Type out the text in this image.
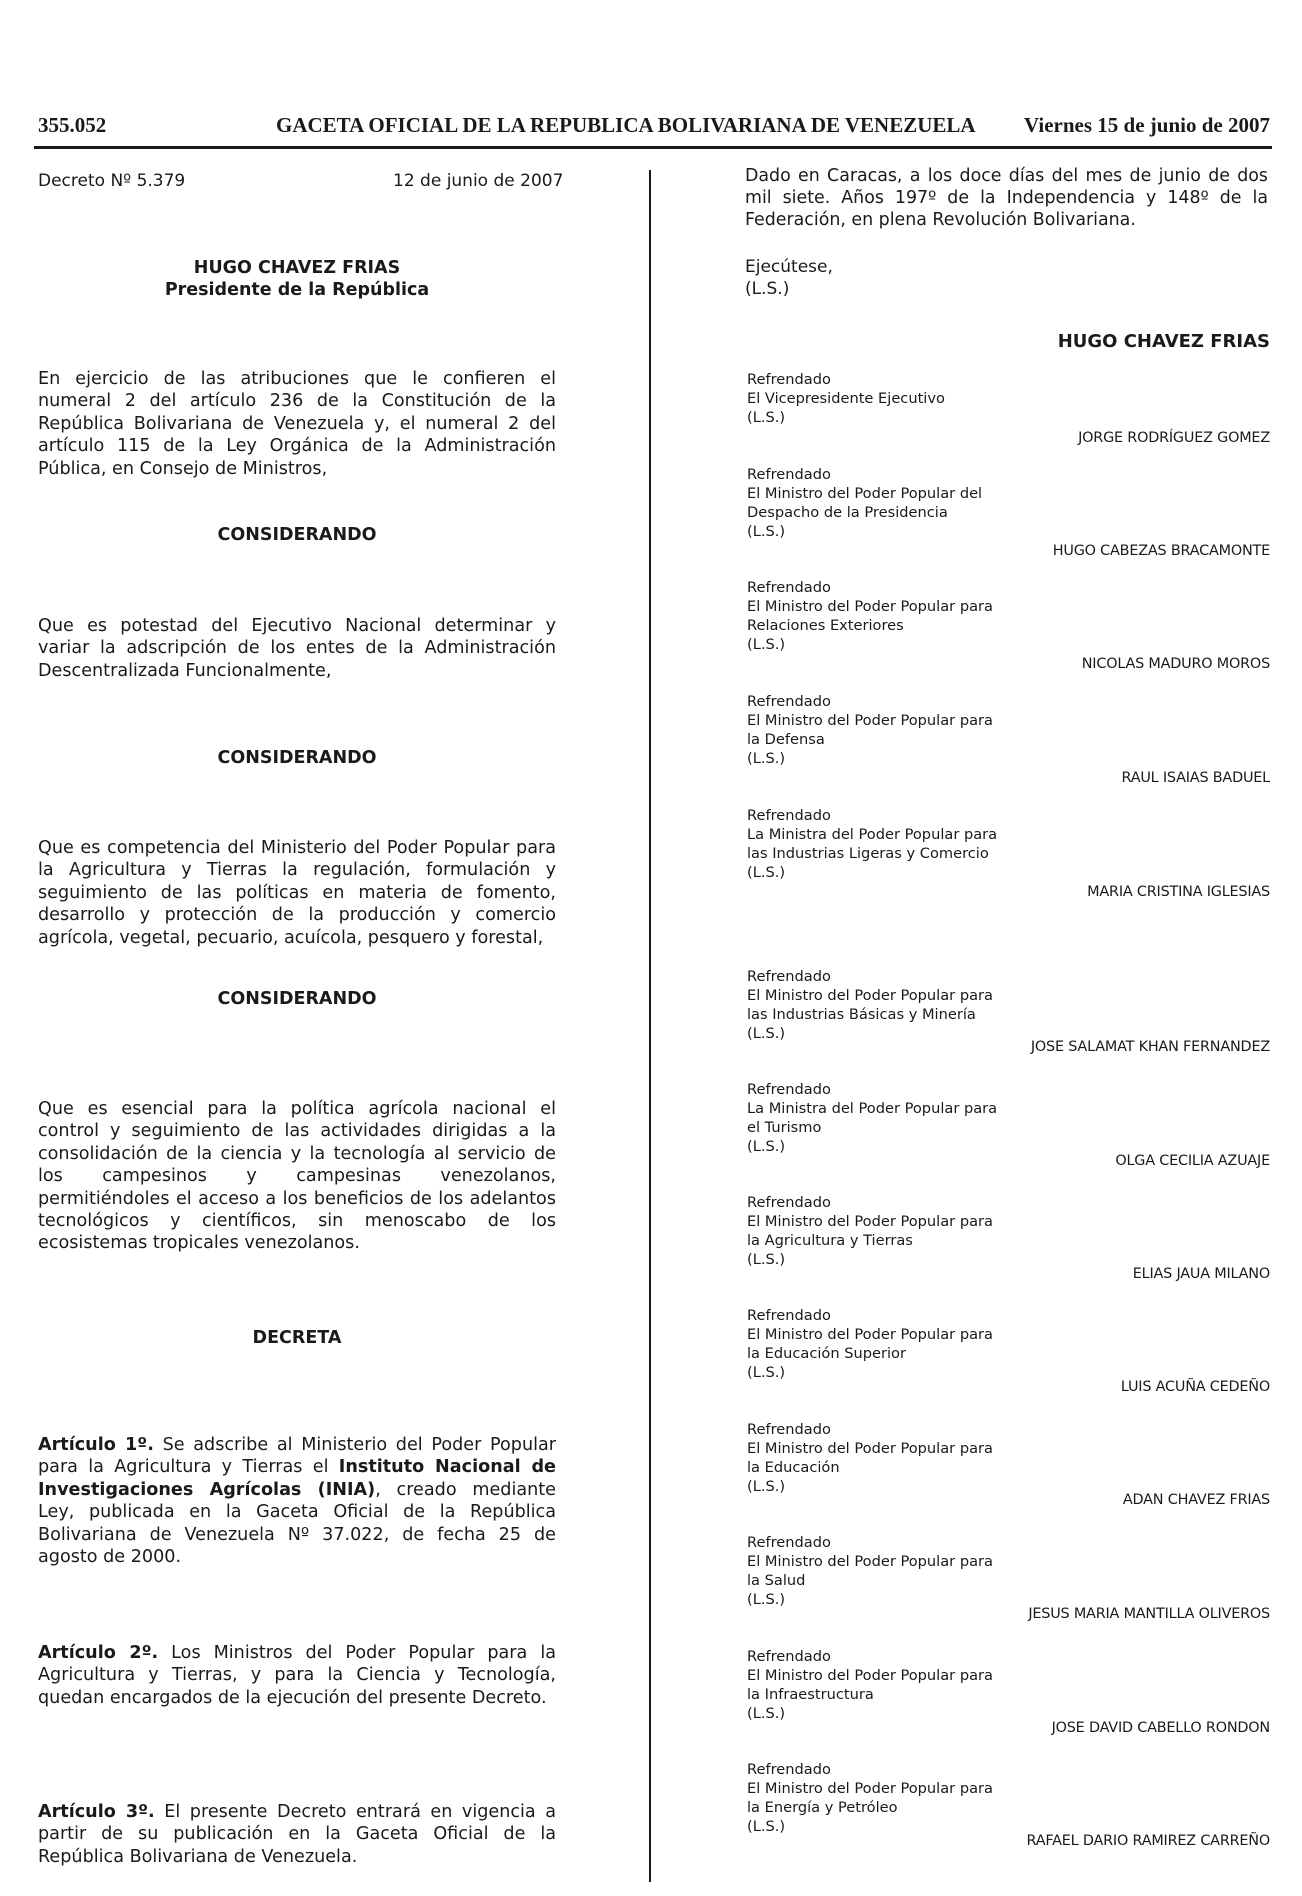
355.052	GACETA OFICIAL DE LA REPUBLICA BOLIVARIANA DE VENEZUELA Viernes 15 de junio de 2007
Decreto Nº 5.379	12 de junio de 2007
HUGO CHAVEZ FRIAS
Presidente de la República
En ejercicio de las atribuciones que le confieren el numeral 2 del artículo 236 de la Constitución de la República Bolivariana de Venezuela y, el numeral 2 del artículo 115 de la Ley Orgánica de la Administración Pública, en Consejo de Ministros,
CONSIDERANDO
Que es potestad del Ejecutivo Nacional determinar y variar la adscripción de los entes de la Administración Descentralizada Funcionalmente,
CONSIDERANDO
Que es competencia del Ministerio del Poder Popular para la Agricultura y Tierras la regulación, formulación y seguimiento de las políticas en materia de fomento, desarrollo y protección de la producción y comercio agrícola, vegetal, pecuario, acuícola, pesquero y forestal,
CONSIDERANDO
Que es esencial para la política agrícola nacional el control y seguimiento de las actividades dirigidas a la consolidación de la ciencia y la tecnología al servicio de los campesinos y campesinas venezolanos, permitiéndoles el acceso a los beneficios de los adelantos tecnológicos y científicos, sin menoscabo de los ecosistemas tropicales venezolanos.
DECRETA
Artículo 1º. Se adscribe al Ministerio del Poder Popular para la Agricultura y Tierras el Instituto Nacional de Investigaciones Agrícolas (INIA), creado mediante Ley, publicada en la Gaceta Oficial de la República Bolivariana de Venezuela Nº 37.022, de fecha 25 de agosto de 2000.
Artículo 2º. Los Ministros del Poder Popular para la Agricultura y Tierras, y para la Ciencia y Tecnología, quedan encargados de la ejecución del presente Decreto.
Artículo 3º. El presente Decreto entrará en vigencia a partir de su publicación en la Gaceta Oficial de la República Bolivariana de Venezuela.
Dado en Caracas, a los doce días del mes de junio de dos mil siete. Años 197º de la Independencia y 148º de la Federación, en plena Revolución Bolivariana.
Ejecútese,
(L.S.)
HUGO CHAVEZ FRIAS
Refrendado
El Vicepresidente Ejecutivo
(L.S.)
JORGE RODRÍGUEZ GOMEZ
Refrendado
El Ministro del Poder Popular del
Despacho de la Presidencia
(L.S.)
HUGO CABEZAS BRACAMONTE
Refrendado
El Ministro del Poder Popular para
Relaciones Exteriores
(L.S.)
NICOLAS MADURO MOROS
Refrendado
El Ministro del Poder Popular para
la Defensa
(L.S.)
RAUL ISAIAS BADUEL
Refrendado
La Ministra del Poder Popular para
las Industrias Ligeras y Comercio
(L.S.)
MARIA CRISTINA IGLESIAS
Refrendado
El Ministro del Poder Popular para
las Industrias Básicas y Minería
(L.S.)
JOSE SALAMAT KHAN FERNANDEZ
Refrendado
La Ministra del Poder Popular para
el Turismo
(L.S.)
OLGA CECILIA AZUAJE
Refrendado
El Ministro del Poder Popular para
la Agricultura y Tierras
(L.S.)
ELIAS JAUA MILANO
Refrendado
El Ministro del Poder Popular para
la Educación Superior
(L.S.)
LUIS ACUÑA CEDEÑO
Refrendado
El Ministro del Poder Popular para
la Educación
(L.S.)
ADAN CHAVEZ FRIAS
Refrendado
El Ministro del Poder Popular para
la Salud
(L.S.)
JESUS MARIA MANTILLA OLIVEROS
Refrendado
El Ministro del Poder Popular para
la Infraestructura
(L.S.)
JOSE DAVID CABELLO RONDON
Refrendado
El Ministro del Poder Popular para
la Energía y Petróleo
(L.S.)
RAFAEL DARIO RAMIREZ CARREÑO
